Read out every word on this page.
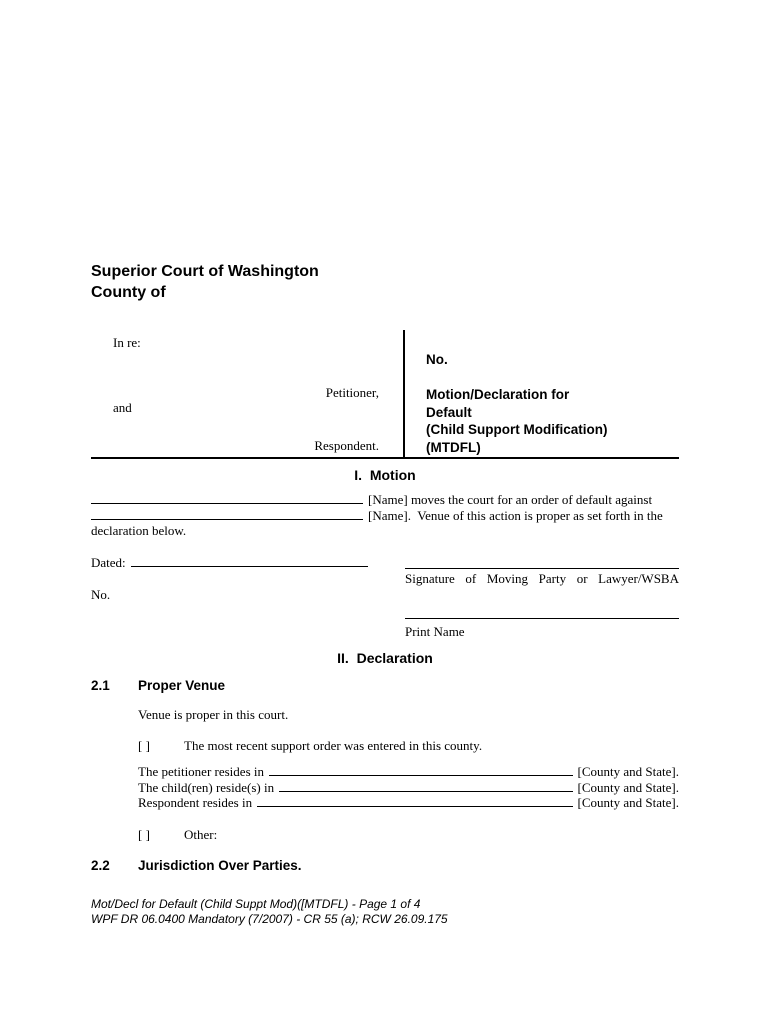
Superior Court of Washington
County of
In re:
Petitioner,
and
Respondent.
No.
Motion/Declaration for
Default
(Child Support Modification)
(MTDFL)
I.  Motion
[Name] moves the court for an order of default against
[Name].  Venue of this action is proper as set forth in the
declaration below.
Dated:
Signature of Moving Party or Lawyer/WSBA
No.
Print Name
II.  Declaration
2.1 Proper Venue
Venue is proper in this court.
[ ]	The most recent support order was entered in this county.
The petitioner resides in	[County and State].
The child(ren) reside(s) in	[County and State].
Respondent resides in	[County and State].
[ ]	Other:
2.2 Jurisdiction Over Parties.
Mot/Decl for Default (Child Suppt Mod)([MTDFL) - Page 1 of 4
WPF DR 06.0400 Mandatory (7/2007) - CR 55 (a); RCW 26.09.175
